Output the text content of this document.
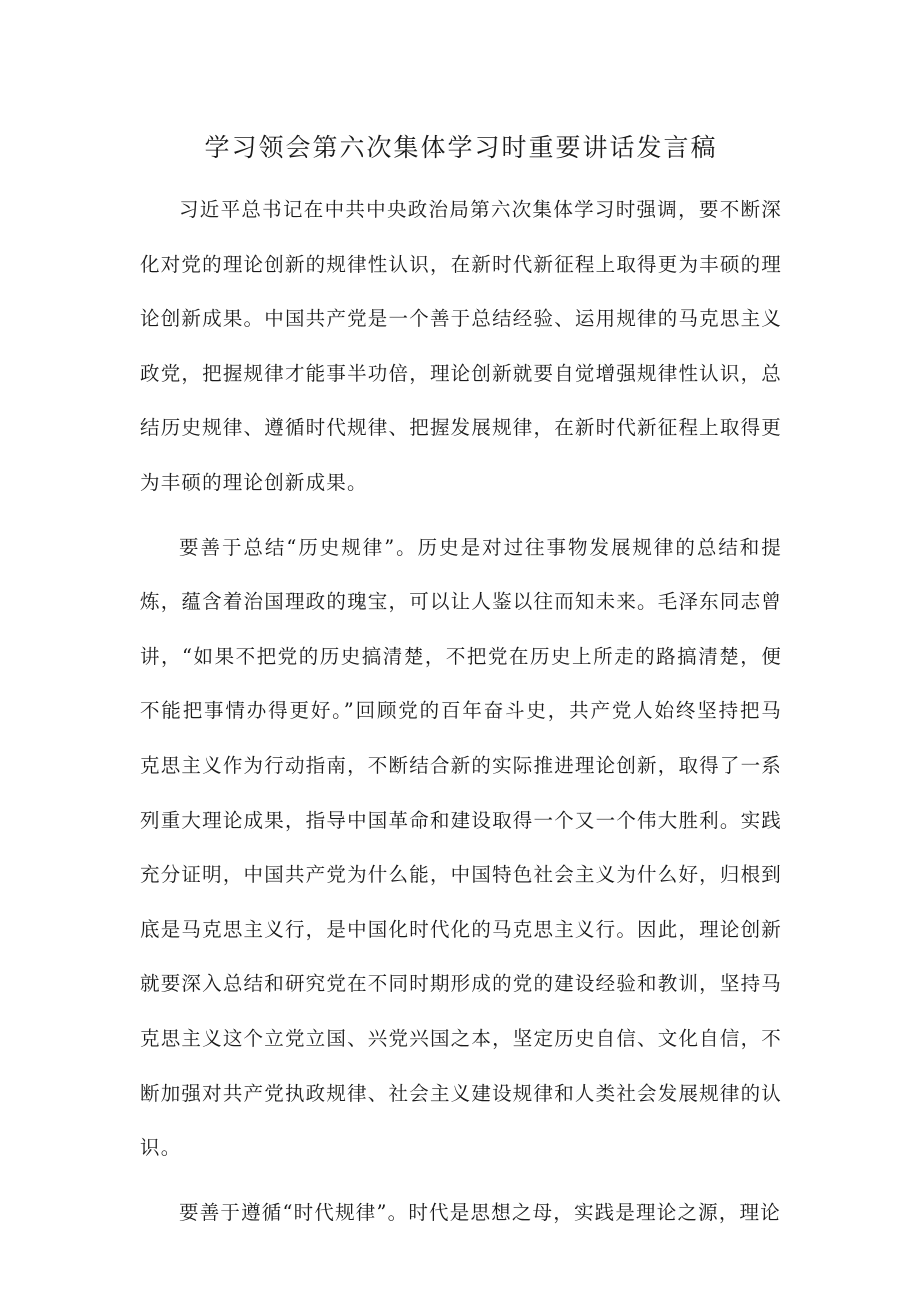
学习领会第六次集体学习时重要讲话发言稿

习近平总书记在中共中央政治局第六次集体学习时强调，要不断深化对党的理论创新的规律性认识，在新时代新征程上取得更为丰硕的理论创新成果。中国共产党是一个善于总结经验、运用规律的马克思主义政党，把握规律才能事半功倍，理论创新就要自觉增强规律性认识，总结历史规律、遵循时代规律、把握发展规律，在新时代新征程上取得更为丰硕的理论创新成果。

要善于总结“历史规律”。历史是对过往事物发展规律的总结和提炼，蕴含着治国理政的瑰宝，可以让人鉴以往而知未来。毛泽东同志曾讲，“如果不把党的历史搞清楚，不把党在历史上所走的路搞清楚，便不能把事情办得更好。”回顾党的百年奋斗史，共产党人始终坚持把马克思主义作为行动指南，不断结合新的实际推进理论创新，取得了一系列重大理论成果，指导中国革命和建设取得一个又一个伟大胜利。实践充分证明，中国共产党为什么能，中国特色社会主义为什么好，归根到底是马克思主义行，是中国化时代化的马克思主义行。因此，理论创新就要深入总结和研究党在不同时期形成的党的建设经验和教训，坚持马克思主义这个立党立国、兴党兴国之本，坚定历史自信、文化自信，不断加强对共产党执政规律、社会主义建设规律和人类社会发展规律的认识。

要善于遵循“时代规律”。时代是思想之母，实践是理论之源，理论
